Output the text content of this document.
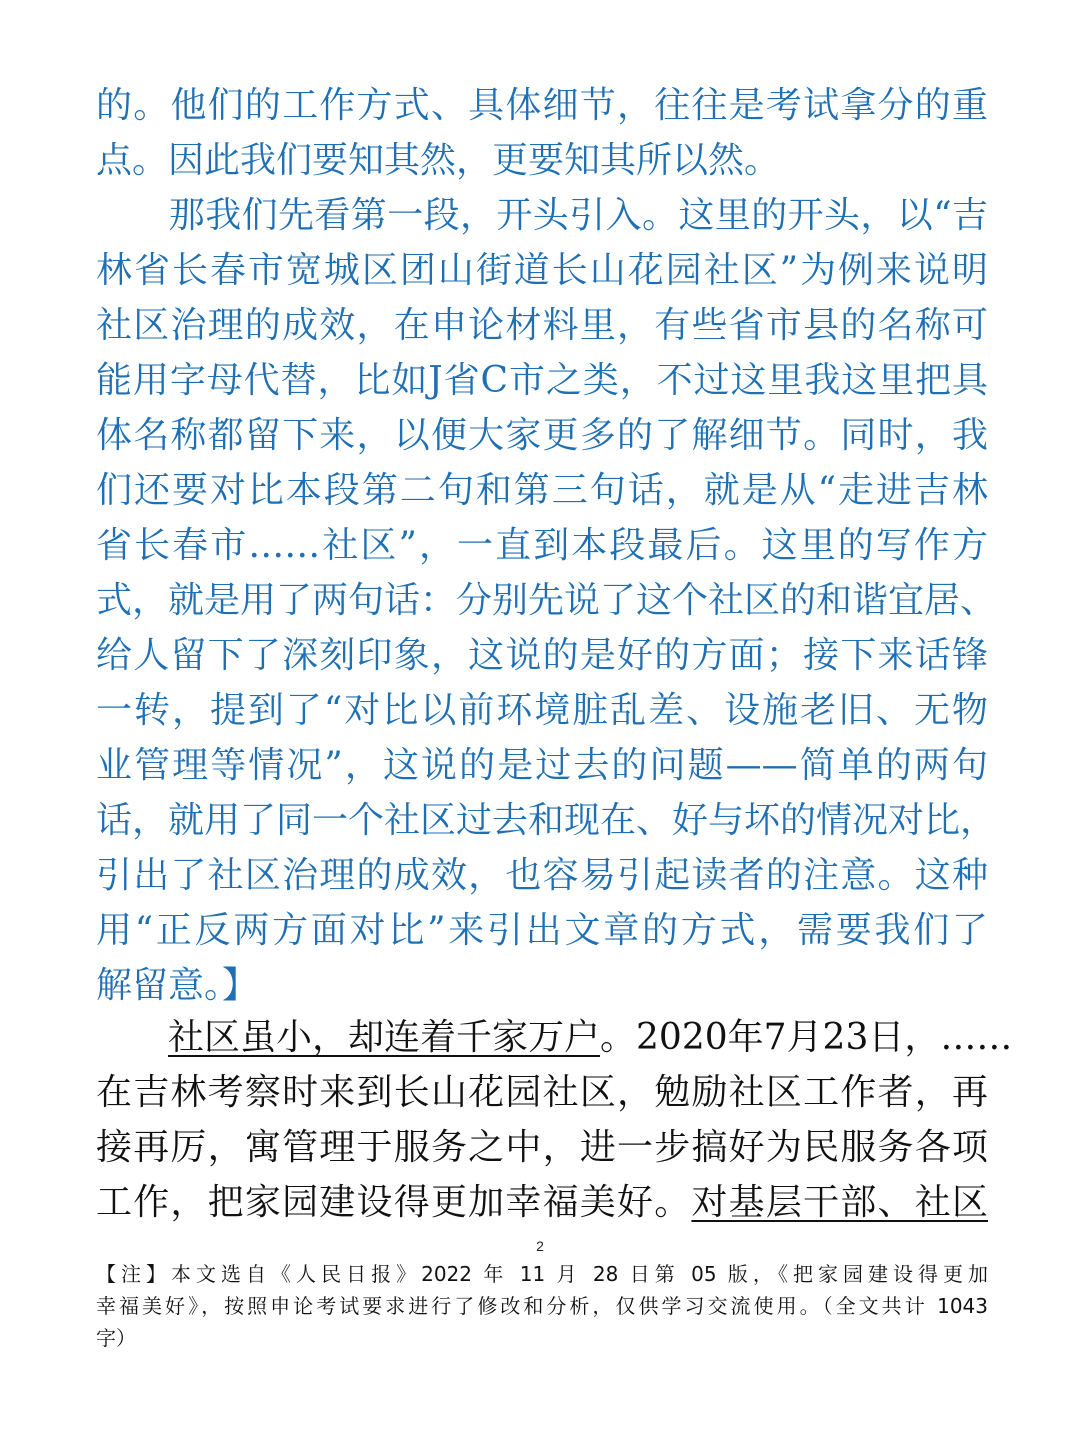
的。他们的工作方式、具体细节，往往是考试拿分的重
点。因此我们要知其然，更要知其所以然。
　　那我们先看第一段，开头引入。这里的开头，以“吉
林省长春市宽城区团山街道长山花园社区”为例来说明
社区治理的成效，在申论材料里，有些省市县的名称可
能用字母代替，比如J省C市之类，不过这里我这里把具
体名称都留下来，以便大家更多的了解细节。同时，我
们还要对比本段第二句和第三句话，就是从“走进吉林
省长春市……社区”，一直到本段最后。这里的写作方
式，就是用了两句话：分别先说了这个社区的和谐宜居、
给人留下了深刻印象，这说的是好的方面；接下来话锋
一转，提到了“对比以前环境脏乱差、设施老旧、无物
业管理等情况”，这说的是过去的问题——简单的两句
话，就用了同一个社区过去和现在、好与坏的情况对比，
引出了社区治理的成效，也容易引起读者的注意。这种
用“正反两方面对比”来引出文章的方式，需要我们了
解留意。】
　　社区虽小，却连着千家万户。2020年7月23日，……
在吉林考察时来到长山花园社区，勉励社区工作者，再
接再厉，寓管理于服务之中，进一步搞好为民服务各项
工作，把家园建设得更加幸福美好。对基层干部、社区
2
【注】本文选自《人民日报》2022 年 11 月 28 日第 05 版，《把家园建设得更加
幸福美好》，按照申论考试要求进行了修改和分析，仅供学习交流使用。（全文共计 1043
字）
